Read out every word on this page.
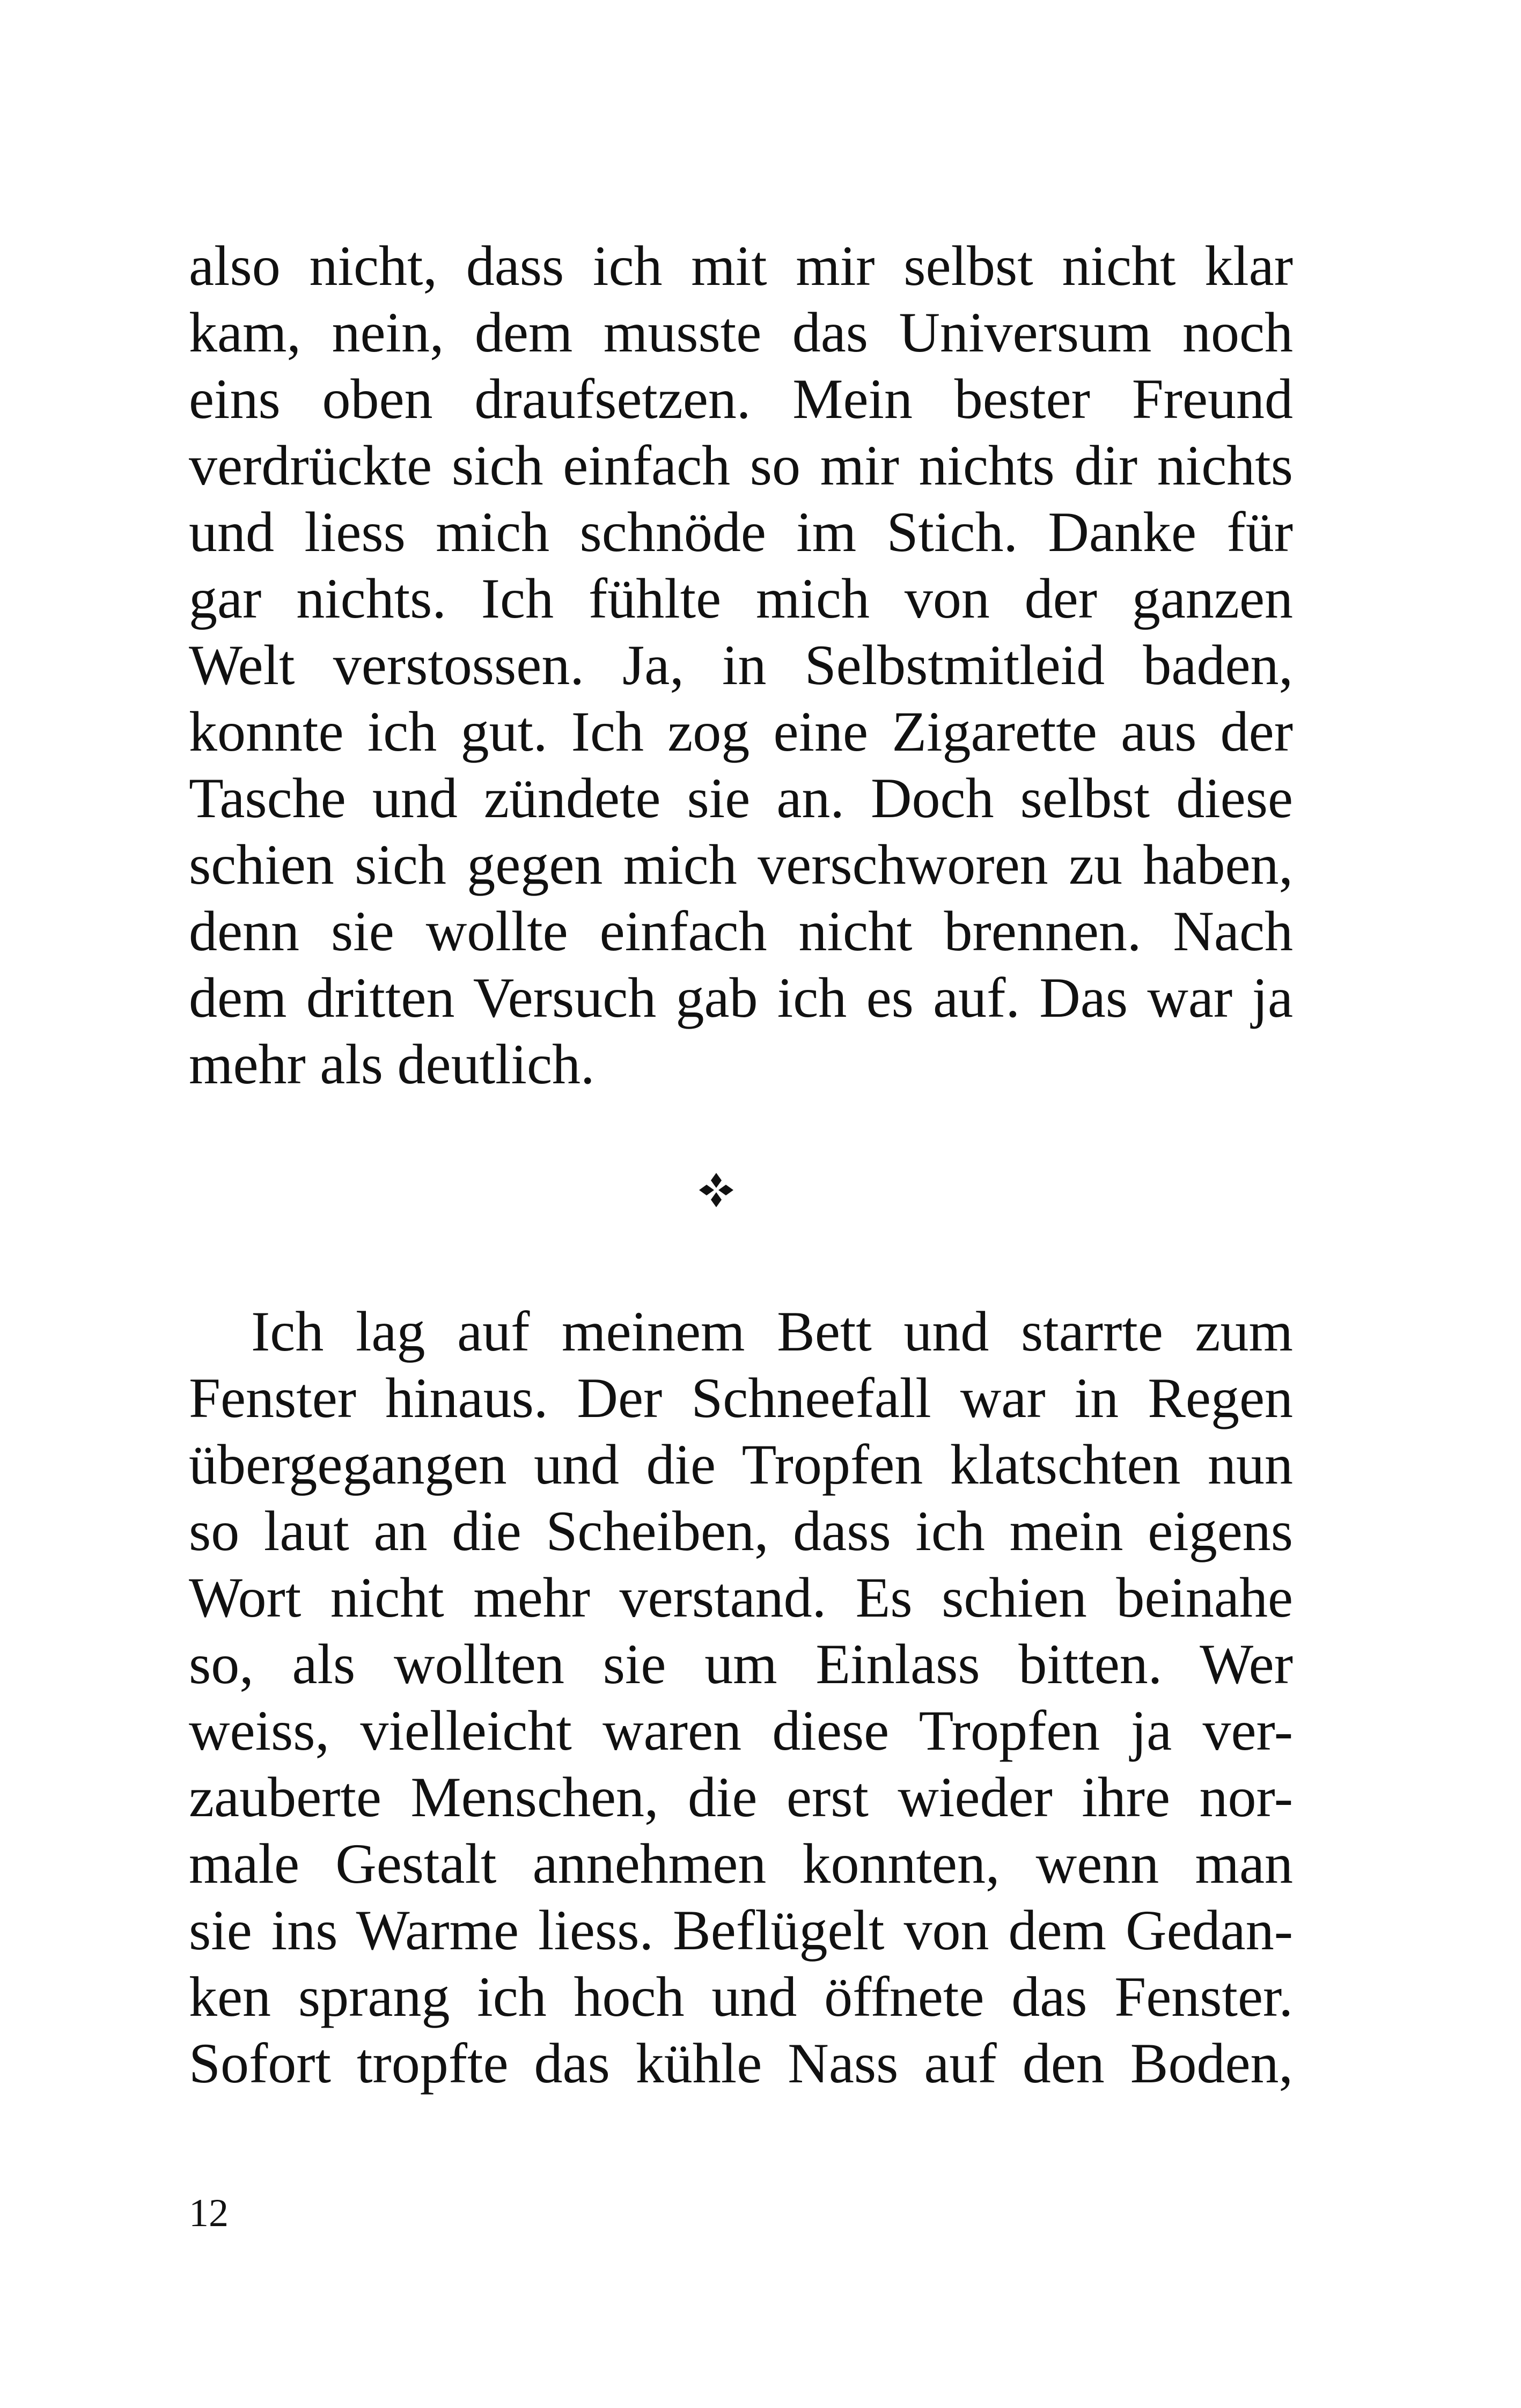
also nicht, dass ich mit mir selbst nicht klar
kam, nein, dem musste das Universum noch
eins oben draufsetzen. Mein bester Freund
verdrückte sich einfach so mir nichts dir nichts
und liess mich schnöde im Stich. Danke für
gar nichts. Ich fühlte mich von der ganzen
Welt verstossen. Ja, in Selbstmitleid baden,
konnte ich gut. Ich zog eine Zigarette aus der
Tasche und zündete sie an. Doch selbst diese
schien sich gegen mich verschworen zu haben,
denn sie wollte einfach nicht brennen. Nach
dem dritten Versuch gab ich es auf. Das war ja
mehr als deutlich.
Ich lag auf meinem Bett und starrte zum
Fenster hinaus. Der Schneefall war in Regen
übergegangen und die Tropfen klatschten nun
so laut an die Scheiben, dass ich mein eigens
Wort nicht mehr verstand. Es schien beinahe
so, als wollten sie um Einlass bitten. Wer
weiss, vielleicht waren diese Tropfen ja ver-
zauberte Menschen, die erst wieder ihre nor-
male Gestalt annehmen konnten, wenn man
sie ins Warme liess. Beflügelt von dem Gedan-
ken sprang ich hoch und öffnete das Fenster.
Sofort tropfte das kühle Nass auf den Boden,
12
